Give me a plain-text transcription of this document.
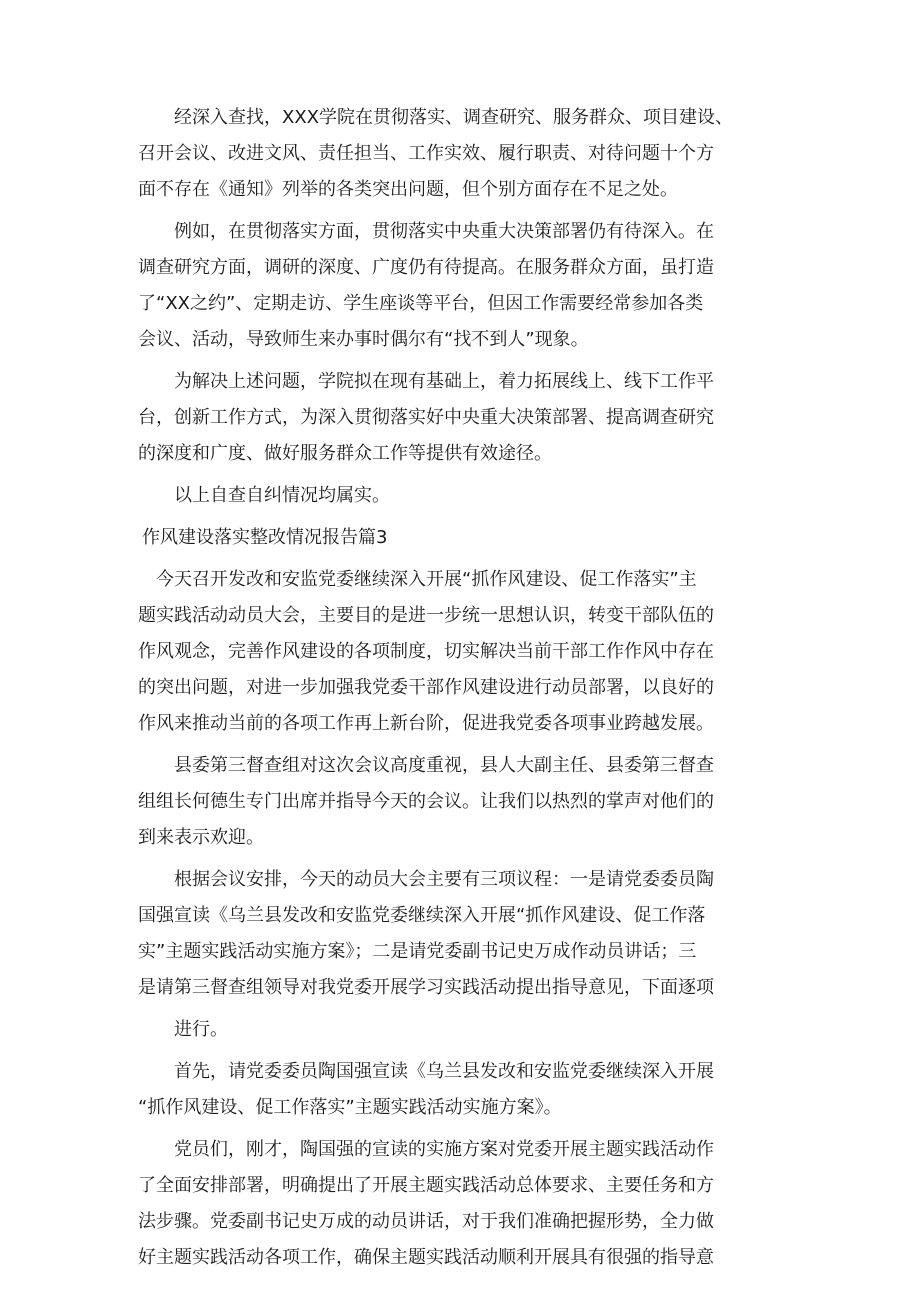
经深入查找，XXX学院在贯彻落实、调查研究、服务群众、项目建设、
召开会议、改进文风、责任担当、工作实效、履行职责、对待问题十个方
面不存在《通知》列举的各类突出问题，但个别方面存在不足之处。
例如，在贯彻落实方面，贯彻落实中央重大决策部署仍有待深入。在
调查研究方面，调研的深度、广度仍有待提高。在服务群众方面，虽打造
了“XX之约”、定期走访、学生座谈等平台，但因工作需要经常参加各类
会议、活动，导致师生来办事时偶尔有“找不到人”现象。
为解决上述问题，学院拟在现有基础上，着力拓展线上、线下工作平
台，创新工作方式，为深入贯彻落实好中央重大决策部署、提高调查研究
的深度和广度、做好服务群众工作等提供有效途径。
以上自查自纠情况均属实。
作风建设落实整改情况报告篇3
今天召开发改和安监党委继续深入开展“抓作风建设、促工作落实”主
题实践活动动员大会，主要目的是进一步统一思想认识，转变干部队伍的
作风观念，完善作风建设的各项制度，切实解决当前干部工作作风中存在
的突出问题，对进一步加强我党委干部作风建设进行动员部署，以良好的
作风来推动当前的各项工作再上新台阶，促进我党委各项事业跨越发展。
县委第三督查组对这次会议高度重视，县人大副主任、县委第三督查
组组长何德生专门出席并指导今天的会议。让我们以热烈的掌声对他们的
到来表示欢迎。
根据会议安排，今天的动员大会主要有三项议程：一是请党委委员陶
国强宣读《乌兰县发改和安监党委继续深入开展“抓作风建设、促工作落
实”主题实践活动实施方案》；二是请党委副书记史万成作动员讲话；三
是请第三督查组领导对我党委开展学习实践活动提出指导意见，下面逐项
进行。
首先，请党委委员陶国强宣读《乌兰县发改和安监党委继续深入开展
“抓作风建设、促工作落实”主题实践活动实施方案》。
党员们，刚才，陶国强的宣读的实施方案对党委开展主题实践活动作
了全面安排部署，明确提出了开展主题实践活动总体要求、主要任务和方
法步骤。党委副书记史万成的动员讲话，对于我们准确把握形势，全力做
好主题实践活动各项工作，确保主题实践活动顺利开展具有很强的指导意
